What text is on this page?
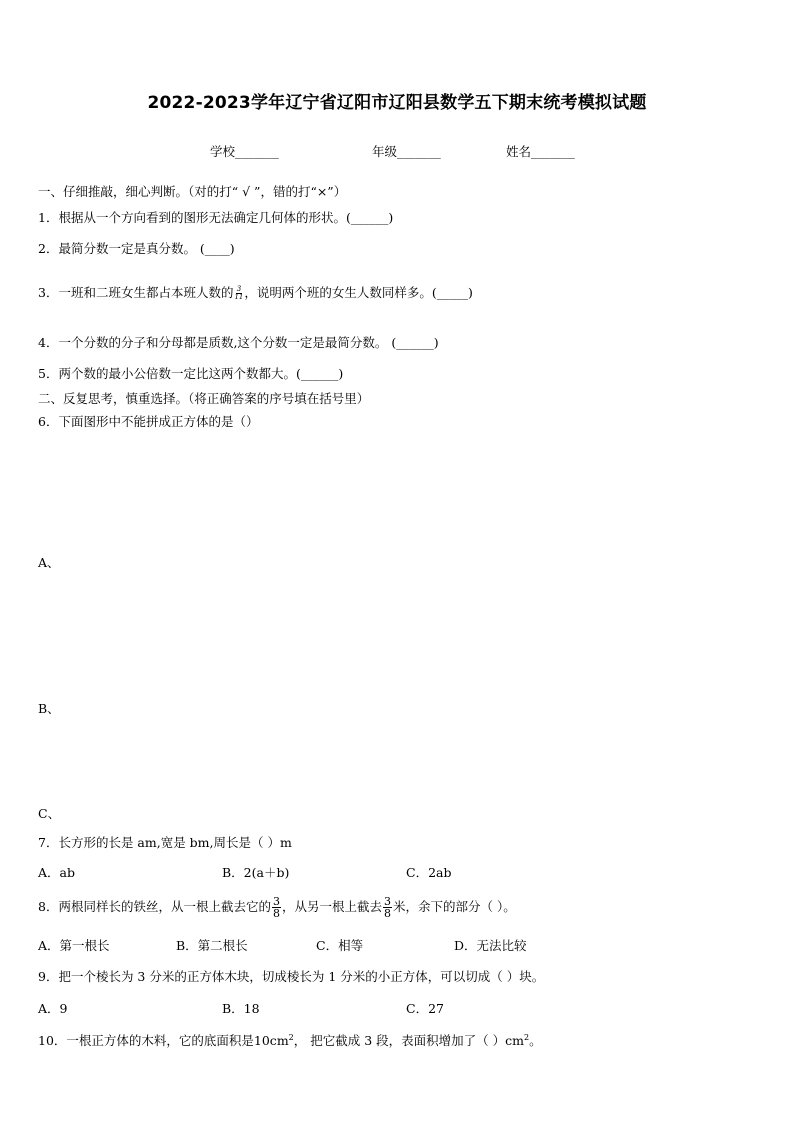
2022-2023学年辽宁省辽阳市辽阳县数学五下期末统考模拟试题
学校_______	年级_______	姓名_______
一、仔细推敲，细心判断。（对的打“ √ ”，错的打“×”）
1．根据从一个方向看到的图形无法确定几何体的形状。(______)
2．最简分数一定是真分数。 (____)
3．一班和二班女生都占本班人数的 $\frac{3}{11}$ ，说明两个班的女生人数同样多。(_____)
4．一个分数的分子和分母都是质数,这个分数一定是最简分数。 (______)
5．两个数的最小公倍数一定比这两个数都大。(______)
二、反复思考，慎重选择。（将正确答案的序号填在括号里）
6．下面图形中不能拼成正方体的是（）
A、
B、
C、
7．长方形的长是 am,宽是 bm,周长是（ ）m
A．ab	B．2(a＋b)	C．2ab
8．两根同样长的铁丝，从一根上截去它的 $\frac{3}{8}$ ，从另一根上截去 $\frac{3}{8}$ 米，余下的部分（ ）。
A．第一根长	B．第二根长	C．相等	D．无法比较
9．把一个棱长为 3 分米的正方体木块，切成棱长为 1 分米的小正方体，可以切成（ ）块。
A．9	B．18	C．27
10．一根正方体的木料，它的底面积是$10cm^2$， 把它截成 3 段，表面积增加了（ ）$cm^2$。
